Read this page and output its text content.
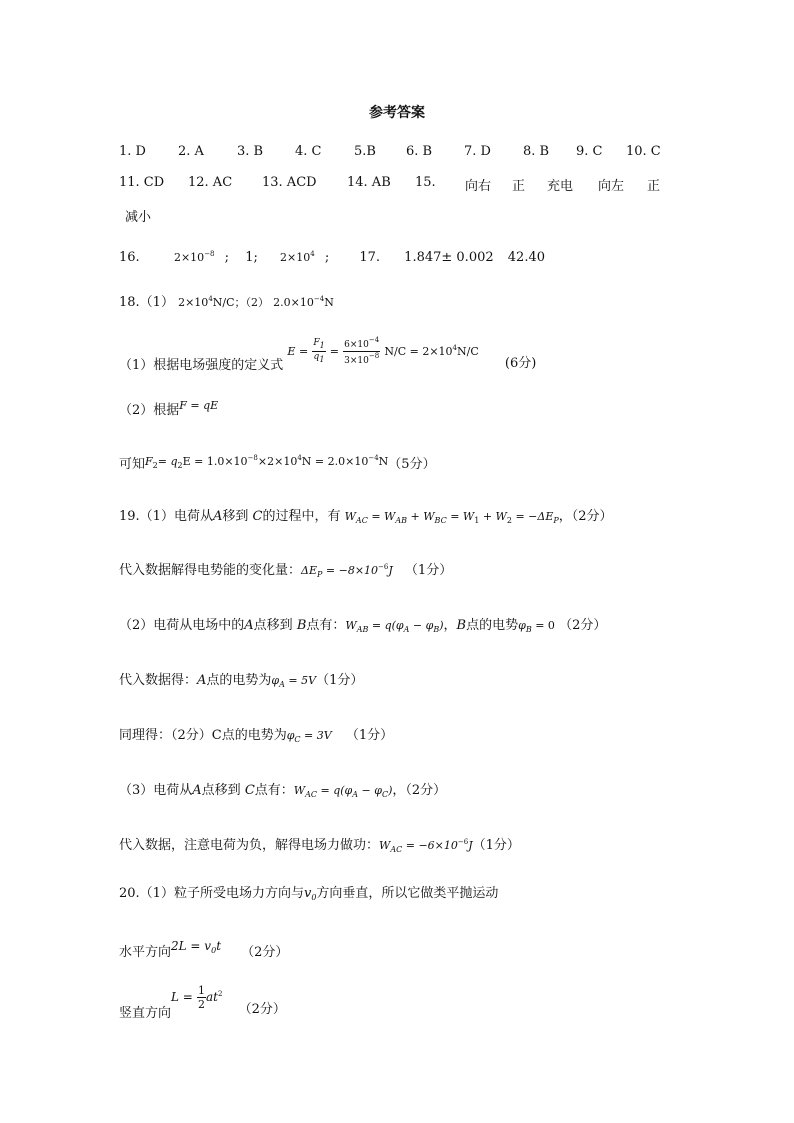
参考答案
1. D 2. A	3. B 4. C	5.B 6. B 7. D 8. B 9. C 10. C
11. CD 12. AC 13. ACD 14. AB 15. 向右 正 充电 向左 正
减小
16.	$2\times 10^{-8}$ ; 1; $2\times 10^4$ ; 17. 1.847± 0.002 42.40
18.（1） $2\times 10^4N/C$；（2） $2.0\times 10^{-4}N$
（1）根据电场强度的定义式 $E = \frac{F1}{q1} = \frac{6\times 10^{-4}}{3\times 10^{-8}} N/C = 2\times 10^4N/C$ (6分)
（2）根据$^{F = qE}$
可知$F_2= q_2E = 1.0\times 10^{-8}\times 2\times 10^4N = 2.0\times 10^{-4}N(5$分）
19.（1）电荷从A移到 C的过程中，有 $W_{AC} = W_{AB} + W_{BC} = W_1 + W_2 = -\Delta E_P$，（2分）
代入数据解得电势能的变化量：$\Delta E_P = -8\times 10^{-6}J$ （1分）
（2）电荷从电场中的A点移到 B点有：$W_{AB} = q(\varphi_A - \varphi_B)$，B点的电势$\varphi_B = 0$ （2分）
代入数据得：A点的电势为$\varphi_A = 5V(1$分）
同理得：（2分）C点的电势为$\varphi_C = 3V$ （1分）
（3）电荷从A点移到 C点有：$W_{AC} = q(\varphi_A - \varphi_C)$，（2分）
代入数据，注意电荷为负，解得电场力做功：$W_{AC} = -6\times 10^{-6}J(1$分）
20.（1）粒子所受电场力方向与$v_0$方向垂直，所以它做类平抛运动
水平方向$2L = v_0t$ （2分）
竖直方向$L = \frac{1}{2} at^2$ （2分）
